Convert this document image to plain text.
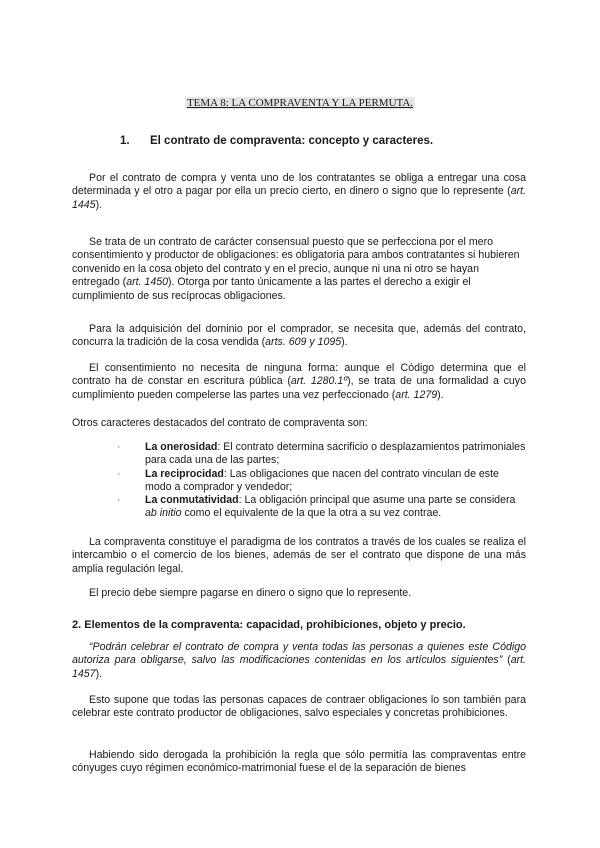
TEMA 8: LA COMPRAVENTA Y LA PERMUTA.
1. El contrato de compraventa: concepto y caracteres.
Por el contrato de compra y venta uno de los contratantes se obliga a entregar una cosa determinada y el otro a pagar por ella un precio cierto, en dinero o signo que lo represente (art. 1445).
Se trata de un contrato de carácter consensual puesto que se perfecciona por el mero consentimiento y productor de obligaciones: es obligatoria para ambos contratantes si hubieren convenido en la cosa objeto del contrato y en el precio, aunque ni una ni otro se hayan entregado (art. 1450). Otorga por tanto únicamente a las partes el derecho a exigir el cumplimiento de sus recíprocas obligaciones.
Para la adquisición del dominio por el comprador, se necesita que, además del contrato, concurra la tradición de la cosa vendida (arts. 609 y 1095).
El consentimiento no necesita de ninguna forma: aunque el Código determina que el contrato ha de constar en escritura pública (art. 1280.1º), se trata de una formalidad a cuyo cumplimiento pueden compelerse las partes una vez perfeccionado (art. 1279).
Otros caracteres destacados del contrato de compraventa son:
·	La onerosidad: El contrato determina sacrificio o desplazamientos patrimoniales para cada una de las partes;
·	La reciprocidad: Las obligaciones que nacen del contrato vinculan de este modo a comprador y vendedor;
·	La conmutatividad: La obligación principal que asume una parte se considera ab initio como el equivalente de la que la otra a su vez contrae.
La compraventa constituye el paradigma de los contratos a través de los cuales se realiza el intercambio o el comercio de los bienes, además de ser el contrato que dispone de una más amplia regulación legal.
El precio debe siempre pagarse en dinero o signo que lo represente.
2. Elementos de la compraventa: capacidad, prohibiciones, objeto y precio.
“Podrán celebrar el contrato de compra y venta todas las personas a quienes este Código autoriza para obligarse, salvo las modificaciones contenidas en los artículos siguientes” (art. 1457).
Esto supone que todas las personas capaces de contraer obligaciones lo son también para celebrar este contrato productor de obligaciones, salvo especiales y concretas prohibiciones.
Habiendo sido derogada la prohibición la regla que sólo permitía las compraventas entre cónyuges cuyo régimen económico-matrimonial fuese el de la separación de bienes
